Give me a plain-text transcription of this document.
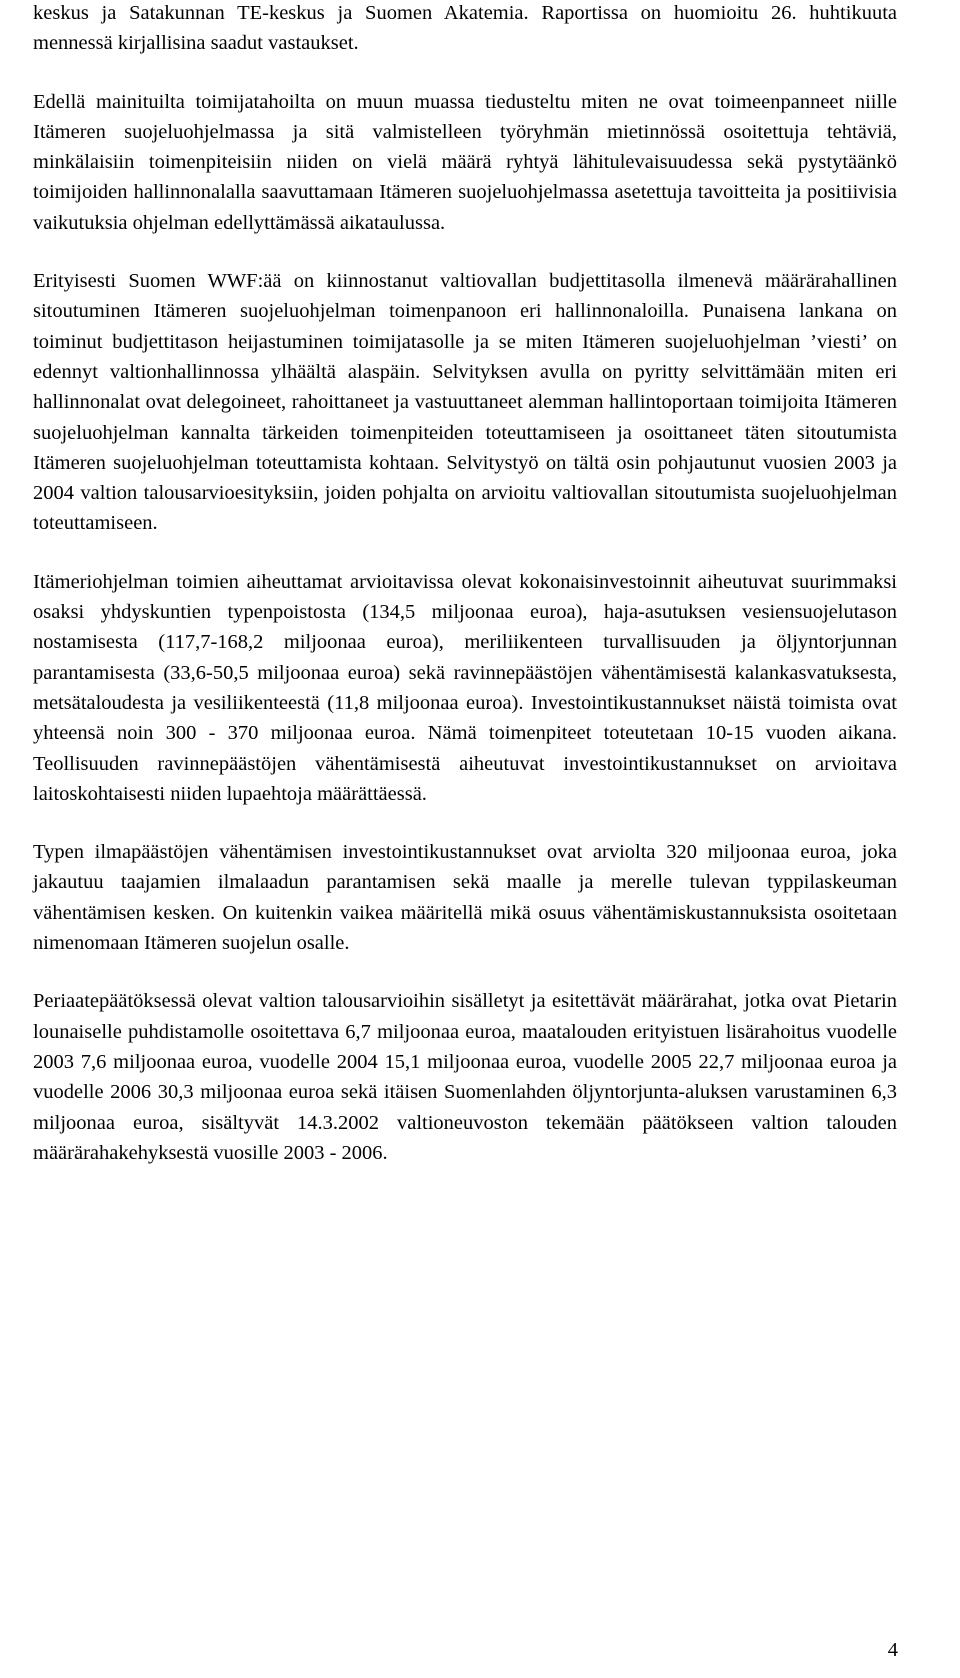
keskus ja Satakunnan TE-keskus ja Suomen Akatemia. Raportissa on huomioitu 26. huhtikuuta mennessä kirjallisina saadut vastaukset.

Edellä mainituilta toimijatahoilta on muun muassa tiedusteltu miten ne ovat toimeenpanneet niille Itämeren suojeluohjelmassa ja sitä valmistelleen työryhmän mietinnössä osoitettuja tehtäviä, minkälaisiin toimenpiteisiin niiden on vielä määrä ryhtyä lähitulevaisuudessa sekä pystytäänkö toimijoiden hallinnonalalla saavuttamaan Itämeren suojeluohjelmassa asetettuja tavoitteita ja positiivisia vaikutuksia ohjelman edellyttämässä aikataulussa.

Erityisesti Suomen WWF:ää on kiinnostanut valtiovallan budjettitasolla ilmenevä määrärahallinen sitoutuminen Itämeren suojeluohjelman toimenpanoon eri hallinnonaloilla. Punaisena lankana on toiminut budjettitason heijastuminen toimijatasolle ja se miten Itämeren suojeluohjelman ’viesti’ on edennyt valtionhallinnossa ylhäältä alaspäin. Selvityksen avulla on pyritty selvittämään miten eri hallinnonalat ovat delegoineet, rahoittaneet ja vastuuttaneet alemman hallintoportaan toimijoita Itämeren suojeluohjelman kannalta tärkeiden toimenpiteiden toteuttamiseen ja osoittaneet täten sitoutumista Itämeren suojeluohjelman toteuttamista kohtaan. Selvitystyö on tältä osin pohjautunut vuosien 2003 ja 2004 valtion talousarvioesityksiin, joiden pohjalta on arvioitu valtiovallan sitoutumista suojeluohjelman toteuttamiseen.

Itämeriohjelman toimien aiheuttamat arvioitavissa olevat kokonaisinvestoinnit aiheutuvat suurimmaksi osaksi yhdyskuntien typenpoistosta (134,5 miljoonaa euroa), haja-asutuksen vesiensuojelutason nostamisesta (117,7-168,2 miljoonaa euroa), meriliikenteen turvallisuuden ja öljyntorjunnan parantamisesta (33,6-50,5 miljoonaa euroa) sekä ravinnepäästöjen vähentämisestä kalankasvatuksesta, metsätaloudesta ja vesiliikenteestä (11,8 miljoonaa euroa). Investointikustannukset näistä toimista ovat yhteensä noin 300 - 370 miljoonaa euroa. Nämä toimenpiteet toteutetaan 10-15 vuoden aikana. Teollisuuden ravinnepäästöjen vähentämisestä aiheutuvat investointikustannukset on arvioitava laitoskohtaisesti niiden lupaehtoja määrättäessä.

Typen ilmapäästöjen vähentämisen investointikustannukset ovat arviolta 320 miljoonaa euroa, joka jakautuu taajamien ilmalaadun parantamisen sekä maalle ja merelle tulevan typpilaskeuman vähentämisen kesken. On kuitenkin vaikea määritellä mikä osuus vähentämiskustannuksista osoitetaan nimenomaan Itämeren suojelun osalle.

Periaatepäätöksessä olevat valtion talousarvioihin sisälletyt ja esitettävät määrärahat, jotka ovat Pietarin lounaiselle puhdistamolle osoitettava 6,7 miljoonaa euroa, maatalouden erityistuen lisärahoitus vuodelle 2003 7,6 miljoonaa euroa, vuodelle 2004 15,1 miljoonaa euroa, vuodelle 2005 22,7 miljoonaa euroa ja vuodelle 2006 30,3 miljoonaa euroa sekä itäisen Suomenlahden öljyntorjunta-aluksen varustaminen 6,3 miljoonaa euroa, sisältyvät 14.3.2002 valtioneuvoston tekemään päätökseen valtion talouden määrärahakehyksestä vuosille 2003 - 2006.

4
